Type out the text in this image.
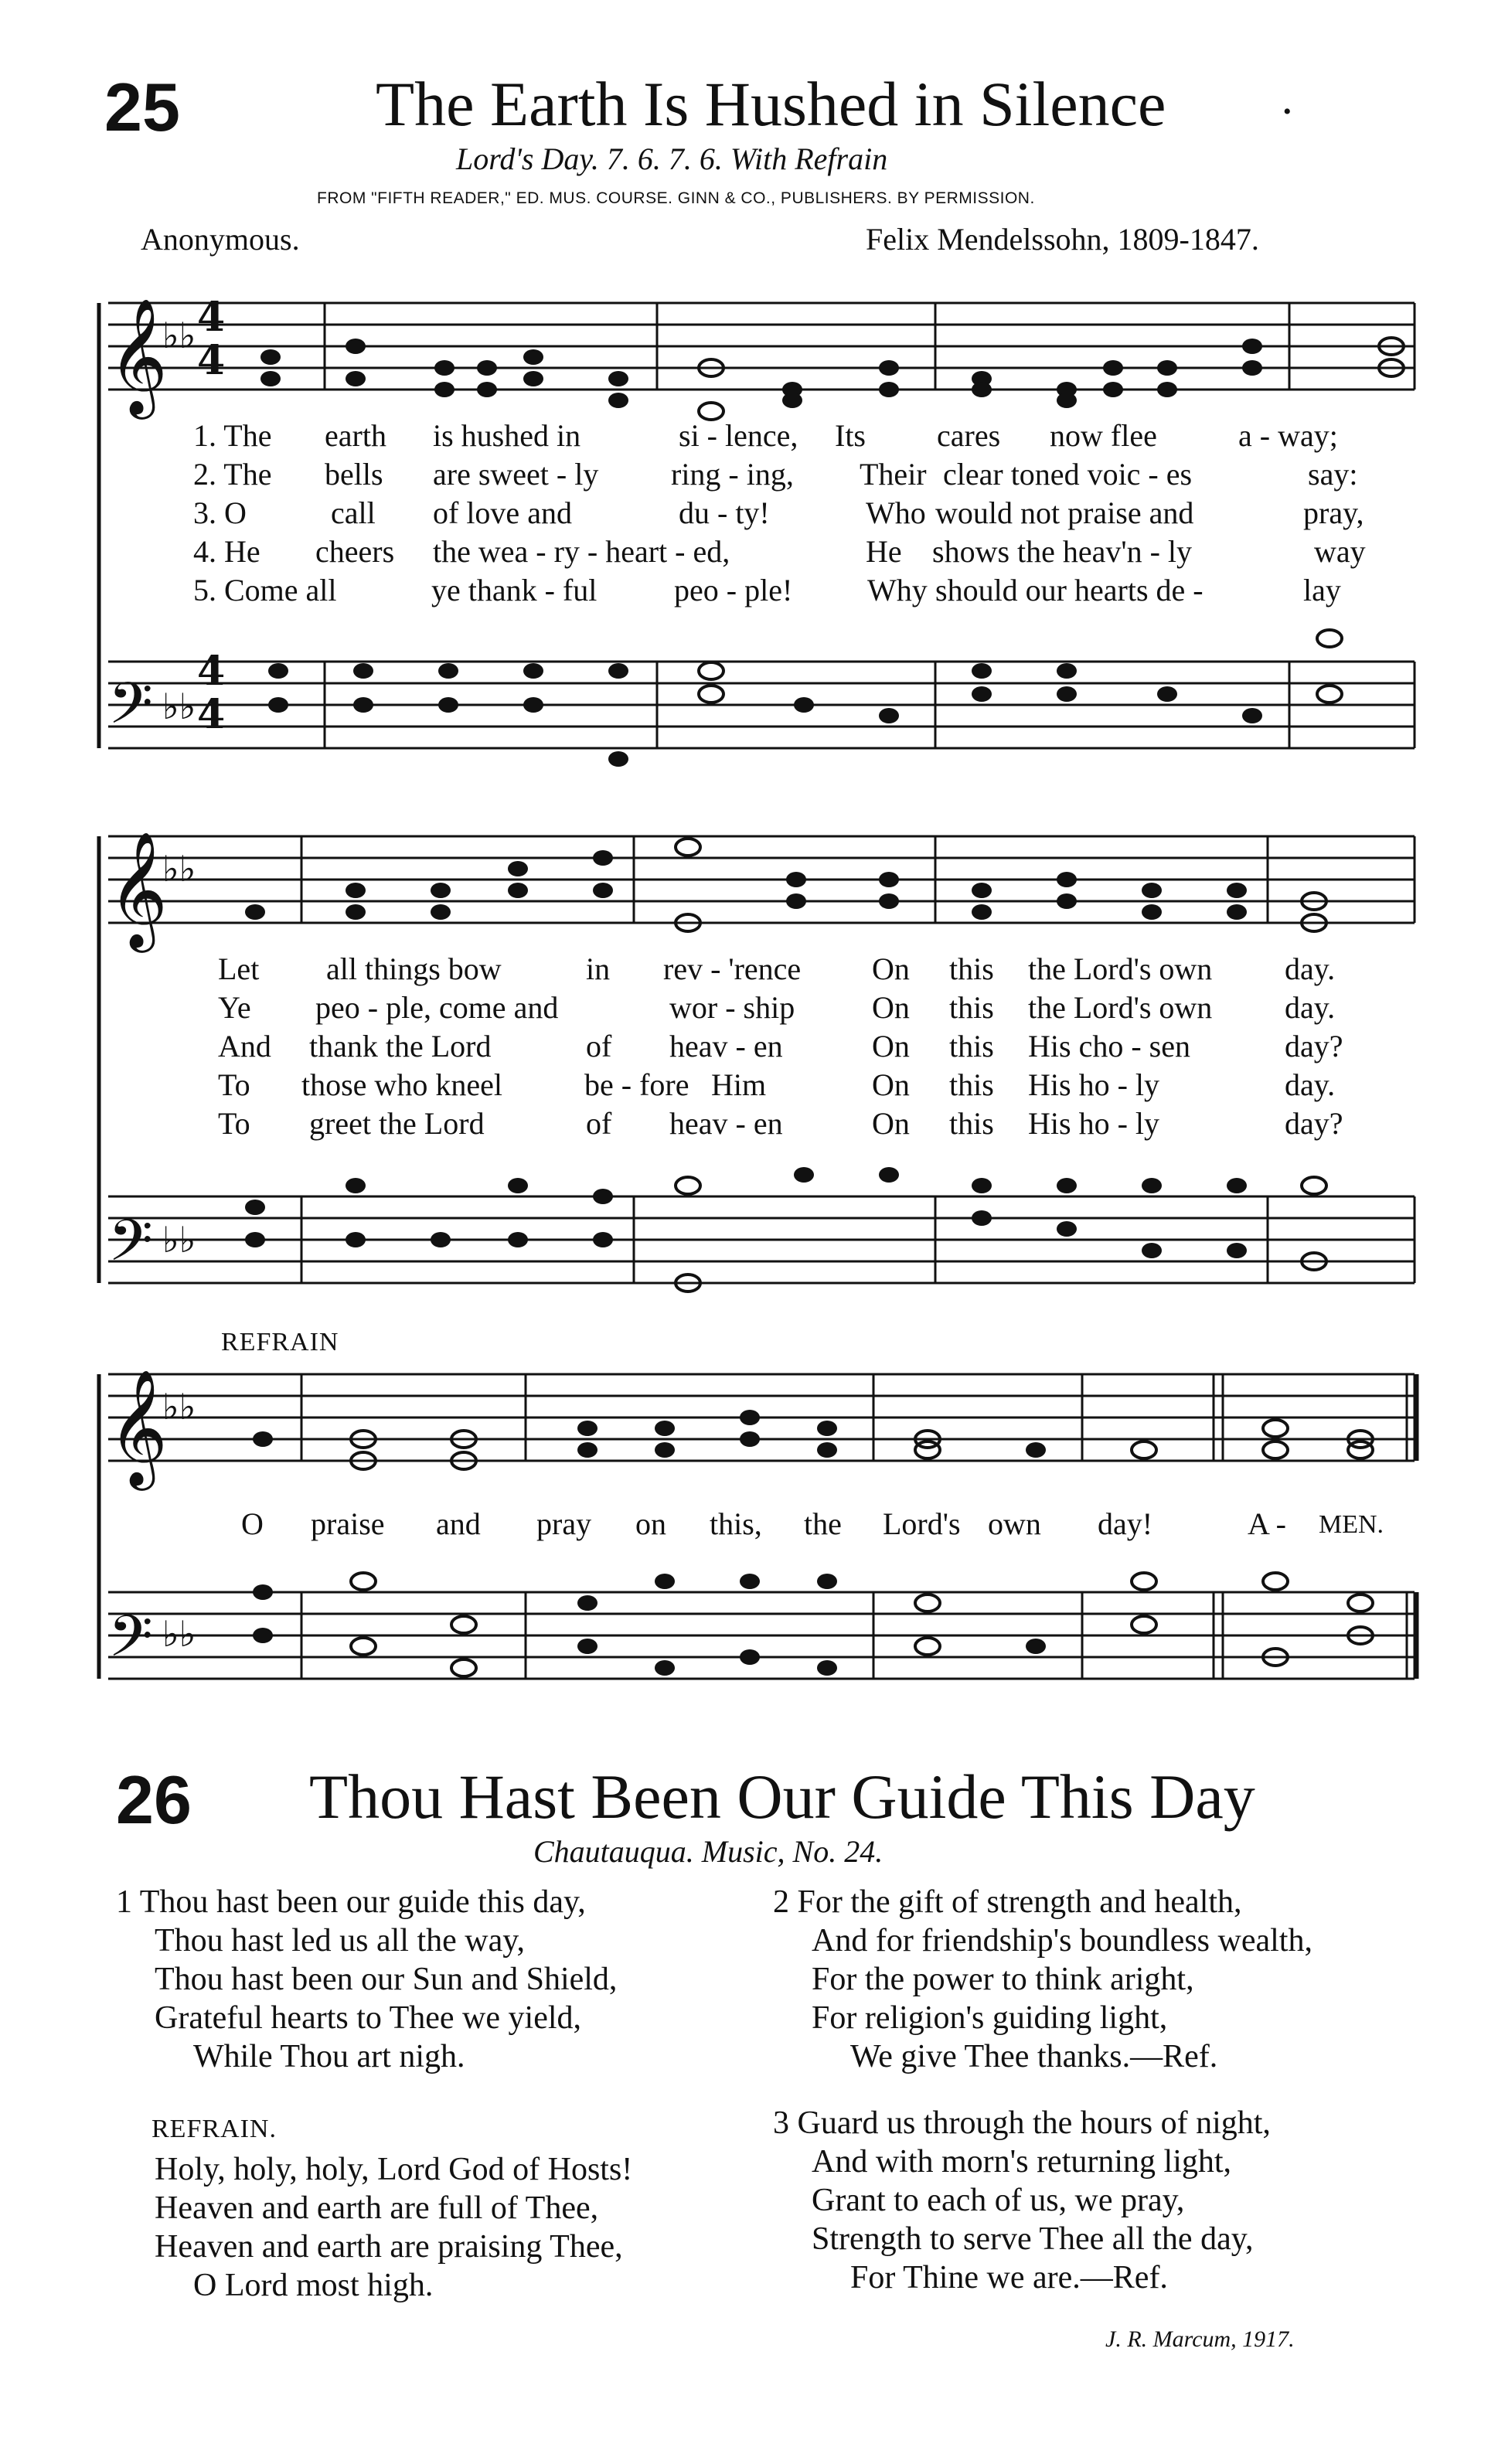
25	The Earth Is Hushed in Silence	•
Lord's Day. 7. 6. 7. 6. With Refrain
FROM "FIFTH READER," ED. MUS. COURSE. GINN & CO., PUBLISHERS. BY PERMISSION.
Anonymous.	Felix Mendelssohn, 1809-1847.
𝄞
𝄢
𝄞
𝄢
𝄞
𝄢
♭♭ 4
4
♭♭
4
4
♭♭
♭♭
♭♭
♭♭
1. The earth is hushed in	si - lence, Its cares now flee	a - way;
2. The bells are sweet - ly ring - ing, Their clear toned voic - es	say:
3. O	call of love and	du - ty!	Who would not praise and	pray,
4. He cheers the wea - ry - heart - ed,	He shows the heav'n - ly	way
5. Come all	ye thank - ful peo - ple! Why should our hearts de -	lay
Let all things bow	in rev - 'rence On this the Lord's own day.
Ye peo - ple, come and	wor - ship On this the Lord's own day.
And thank the Lord	of heav - en	On this His cho - sen	day?
To those who kneel	be - fore Him	On this His ho - ly	day.
To greet the Lord	of heav - en	On this His ho - ly	day?
REFRAIN
O praise and pray on this, the Lord's own day!	A - MEN.
26 Thou Hast Been Our Guide This Day
Chautauqua. Music, No. 24.
1 Thou hast been our guide this day,
Thou hast led us all the way,
Thou hast been our Sun and Shield,
Grateful hearts to Thee we yield,
While Thou art nigh.
REFRAIN.
Holy, holy, holy, Lord God of Hosts!
Heaven and earth are full of Thee,
Heaven and earth are praising Thee,
O Lord most high.
2 For the gift of strength and health,
And for friendship's boundless wealth,
For the power to think aright,
For religion's guiding light,
We give Thee thanks.—Ref.
3 Guard us through the hours of night,
And with morn's returning light,
Grant to each of us, we pray,
Strength to serve Thee all the day,
For Thine we are.—Ref.
J. R. Marcum, 1917.
